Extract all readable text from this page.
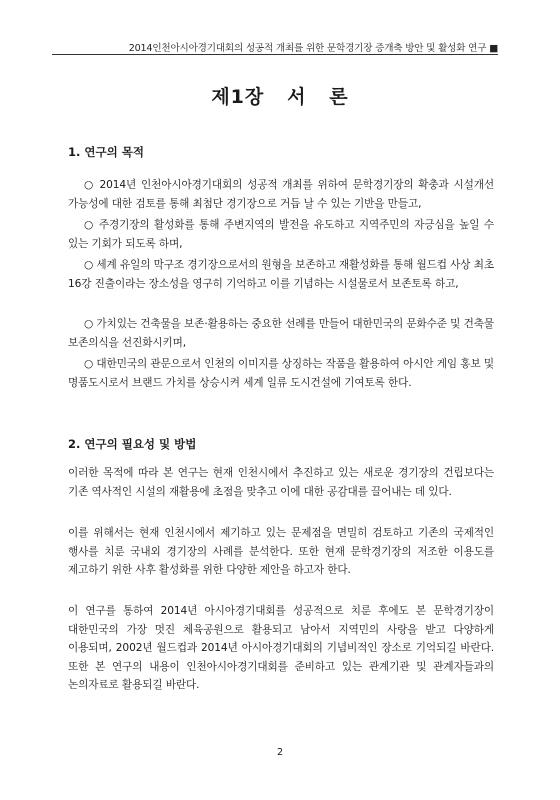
2014인천아시아경기대회의 성공적 개최를 위한 문학경기장 증개축 방안 및 활성화 연구 ■
제1장   서   론
1. 연구의 목적
○ 2014년 인천아시아경기대회의 성공적 개최를 위하여 문학경기장의 확충과 시설개선 가능성에 대한 검토를 통해 최첨단 경기장으로 거듭 날 수 있는 기반을 만들고,
○ 주경기장의 활성화를 통해 주변지역의 발전을 유도하고 지역주민의 자긍심을 높일 수 있는 기회가 되도록 하며,
○ 세계 유일의 막구조 경기장으로서의 원형을 보존하고 재활성화를 통해 월드컵 사상 최초 16강 진출이라는 장소성을 영구히 기억하고 이를 기념하는 시설물로서 보존토록 하고,
○ 가치있는 건축물을 보존·활용하는 중요한 선례를 만들어 대한민국의 문화수준 및 건축물 보존의식을 선진화시키며,
○ 대한민국의 관문으로서 인천의 이미지를 상징하는 작품을 활용하여 아시안 게임 홍보 및 명품도시로서 브랜드 가치를 상승시켜 세계 일류 도시건설에 기여토록 한다.
2. 연구의 필요성 및 방법
이러한 목적에 따라 본 연구는 현재 인천시에서 추진하고 있는 새로운 경기장의 건립보다는 기존 역사적인 시설의 재활용에 초점을 맞추고 이에 대한 공감대를 끌어내는 데 있다.
이를 위해서는 현재 인천시에서 제기하고 있는 문제점을 면밀히 검토하고 기존의 국제적인 행사를 치룬 국내외 경기장의 사례를 분석한다. 또한 현재 문학경기장의 저조한 이용도를 제고하기 위한 사후 활성화를 위한 다양한 제안을 하고자 한다.
이 연구를 통하여 2014년 아시아경기대회를 성공적으로 치룬 후에도 본 문학경기장이 대한민국의 가장 멋진 체육공원으로 활용되고 남아서 지역민의 사랑을 받고 다양하게 이용되며, 2002년 월드컵과 2014년 아시아경기대회의 기념비적인 장소로 기억되길 바란다. 또한 본 연구의 내용이 인천아시아경기대회를 준비하고 있는 관계기관 및 관계자들과의 논의자료로 활용되길 바란다.
2
